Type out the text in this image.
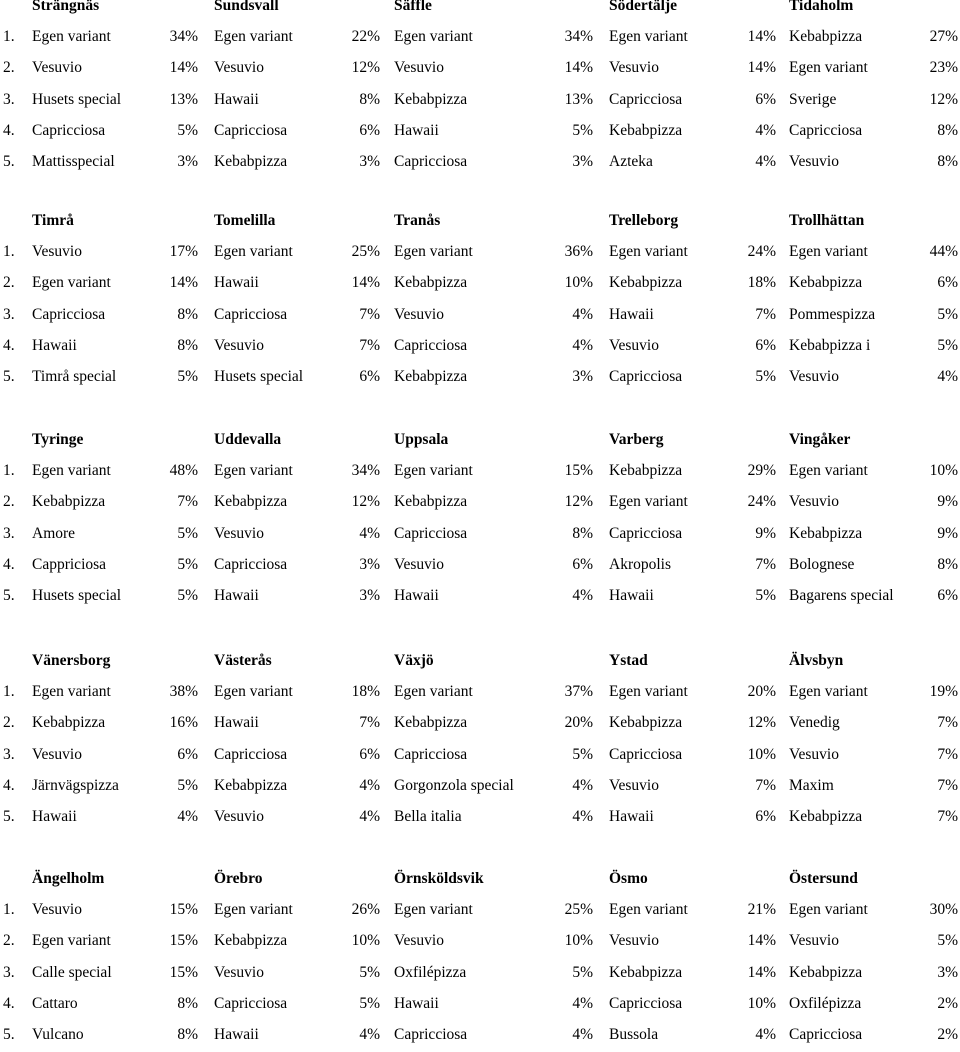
Strängnäs	Sundsvall	Säffle	Södertälje	Tidaholm
1. Egen variant	34% Egen variant	22% Egen variant	34% Egen variant	14% Kebabpizza	27%
2. Vesuvio	14% Vesuvio	12% Vesuvio	14% Vesuvio	14% Egen variant	23%
3. Husets special	13% Hawaii	8% Kebabpizza	13% Capricciosa	6% Sverige	12%
4. Capricciosa	5% Capricciosa	6% Hawaii	5% Kebabpizza	4% Capricciosa	8%
5. Mattisspecial	3% Kebabpizza	3% Capricciosa	3% Azteka	4% Vesuvio	8%
Timrå	Tomelilla	Tranås	Trelleborg	Trollhättan
1. Vesuvio	17% Egen variant	25% Egen variant	36% Egen variant	24% Egen variant	44%
2. Egen variant	14% Hawaii	14% Kebabpizza	10% Kebabpizza	18% Kebabpizza	6%
3. Capricciosa	8% Capricciosa	7% Vesuvio	4% Hawaii	7% Pommespizza	5%
4. Hawaii	8% Vesuvio	7% Capricciosa	4% Vesuvio	6% Kebabpizza i	5%
5. Timrå special	5% Husets special	6% Kebabpizza	3% Capricciosa	5% Vesuvio	4%
Tyringe	Uddevalla	Uppsala	Varberg	Vingåker
1. Egen variant	48% Egen variant	34% Egen variant	15% Kebabpizza	29% Egen variant	10%
2. Kebabpizza	7% Kebabpizza	12% Kebabpizza	12% Egen variant	24% Vesuvio	9%
3. Amore	5% Vesuvio	4% Capricciosa	8% Capricciosa	9% Kebabpizza	9%
4. Cappriciosa	5% Capricciosa	3% Vesuvio	6% Akropolis	7% Bolognese	8%
5. Husets special	5% Hawaii	3% Hawaii	4% Hawaii	5% Bagarens special	6%
Vänersborg	Västerås	Växjö	Ystad	Älvsbyn
1. Egen variant	38% Egen variant	18% Egen variant	37% Egen variant	20% Egen variant	19%
2. Kebabpizza	16% Hawaii	7% Kebabpizza	20% Kebabpizza	12% Venedig	7%
3. Vesuvio	6% Capricciosa	6% Capricciosa	5% Capricciosa	10% Vesuvio	7%
4. Järnvägspizza	5% Kebabpizza	4% Gorgonzola special	4% Vesuvio	7% Maxim	7%
5. Hawaii	4% Vesuvio	4% Bella italia	4% Hawaii	6% Kebabpizza	7%
Ängelholm	Örebro	Örnsköldsvik	Ösmo	Östersund
1. Vesuvio	15% Egen variant	26% Egen variant	25% Egen variant	21% Egen variant	30%
2. Egen variant	15% Kebabpizza	10% Vesuvio	10% Vesuvio	14% Vesuvio	5%
3. Calle special	15% Vesuvio	5% Oxfilépizza	5% Kebabpizza	14% Kebabpizza	3%
4. Cattaro	8% Capricciosa	5% Hawaii	4% Capricciosa	10% Oxfilépizza	2%
5. Vulcano	8% Hawaii	4% Capricciosa	4% Bussola	4% Capricciosa	2%
